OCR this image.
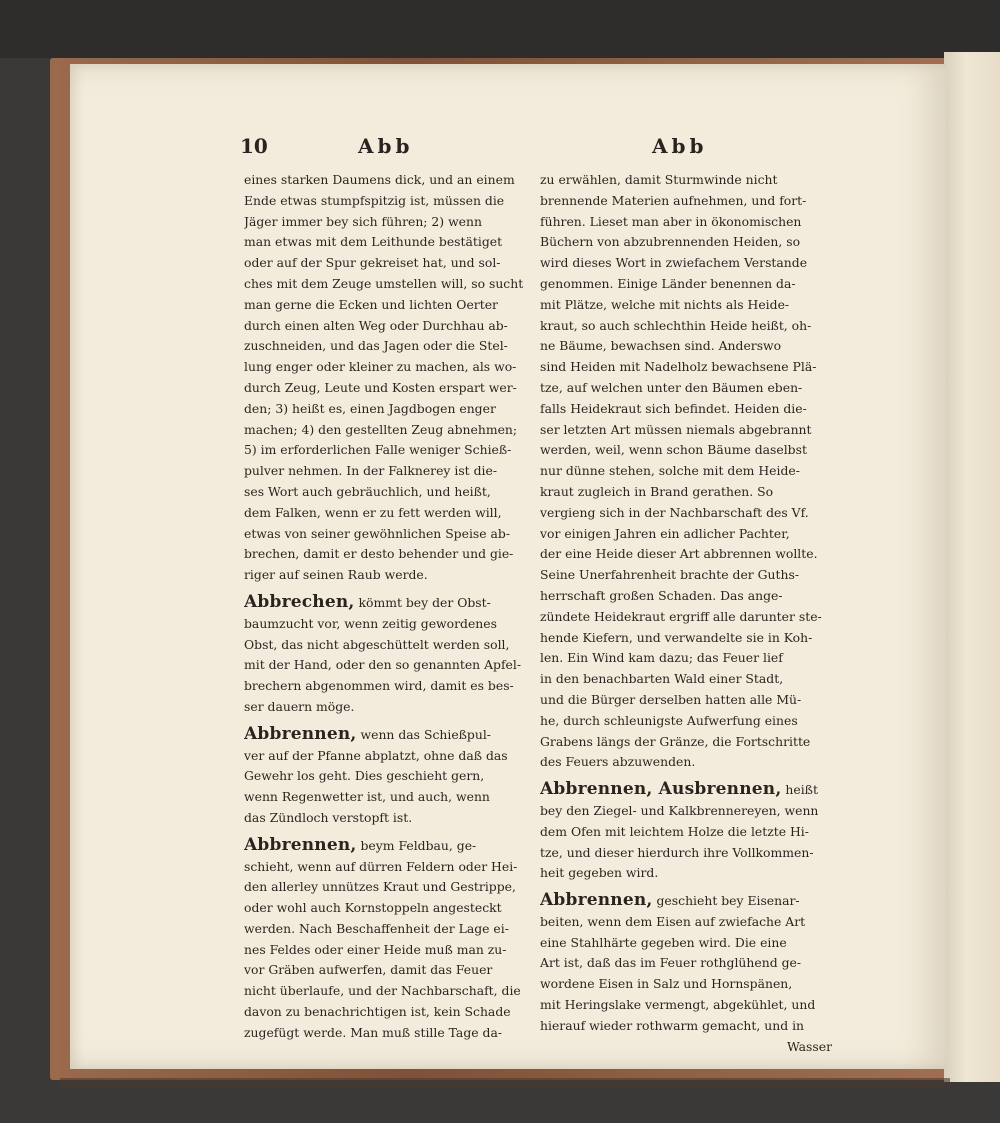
10	Abb	Abb

eines starken Daumens dick, und an einem
Ende etwas stumpfspitzig ist, müssen die
Jäger immer bey sich führen; 2) wenn
man etwas mit dem Leithunde bestätiget
oder auf der Spur gekreiset hat, und sol-
ches mit dem Zeuge umstellen will, so sucht
man gerne die Ecken und lichten Oerter
durch einen alten Weg oder Durchhau ab-
zuschneiden, und das Jagen oder die Stel-
lung enger oder kleiner zu machen, als wo-
durch Zeug, Leute und Kosten erspart wer-
den; 3) heißt es, einen Jagdbogen enger
machen; 4) den gestellten Zeug abnehmen;
5) im erforderlichen Falle weniger Schieß-
pulver nehmen. In der Falknerey ist die-
ses Wort auch gebräuchlich, und heißt,
dem Falken, wenn er zu fett werden will,
etwas von seiner gewöhnlichen Speise ab-
brechen, damit er desto behender und gie-
riger auf seinen Raub werde.

Abbrechen, kömmt bey der Obst-
baumzucht vor, wenn zeitig gewordenes
Obst, das nicht abgeschüttelt werden soll,
mit der Hand, oder den so genannten Apfel-
brechern abgenommen wird, damit es bes-
ser dauern möge.

Abbrennen, wenn das Schießpul-
ver auf der Pfanne abplatzt, ohne daß das
Gewehr los geht. Dies geschieht gern,
wenn Regenwetter ist, und auch, wenn
das Zündloch verstopft ist.

Abbrennen, beym Feldbau, ge-
schieht, wenn auf dürren Feldern oder Hei-
den allerley unnützes Kraut und Gestrippe,
oder wohl auch Kornstoppeln angesteckt
werden. Nach Beschaffenheit der Lage ei-
nes Feldes oder einer Heide muß man zu-
vor Gräben aufwerfen, damit das Feuer
nicht überlaufe, und der Nachbarschaft, die
davon zu benachrichtigen ist, kein Schade
zugefügt werde. Man muß stille Tage da-

zu erwählen, damit Sturmwinde nicht
brennende Materien aufnehmen, und fort-
führen. Lieset man aber in ökonomischen
Büchern von abzubrennenden Heiden, so
wird dieses Wort in zwiefachem Verstande
genommen. Einige Länder benennen da-
mit Plätze, welche mit nichts als Heide-
kraut, so auch schlechthin Heide heißt, oh-
ne Bäume, bewachsen sind. Anderswo
sind Heiden mit Nadelholz bewachsene Plä-
tze, auf welchen unter den Bäumen eben-
falls Heidekraut sich befindet. Heiden die-
ser letzten Art müssen niemals abgebrannt
werden, weil, wenn schon Bäume daselbst
nur dünne stehen, solche mit dem Heide-
kraut zugleich in Brand gerathen. So
vergieng sich in der Nachbarschaft des Vf.
vor einigen Jahren ein adlicher Pachter,
der eine Heide dieser Art abbrennen wollte.
Seine Unerfahrenheit brachte der Guths-
herrschaft großen Schaden. Das ange-
zündete Heidekraut ergriff alle darunter ste-
hende Kiefern, und verwandelte sie in Koh-
len. Ein Wind kam dazu; das Feuer lief
in den benachbarten Wald einer Stadt,
und die Bürger derselben hatten alle Mü-
he, durch schleunigste Aufwerfung eines
Grabens längs der Gränze, die Fortschritte
des Feuers abzuwenden.

Abbrennen, Ausbrennen, heißt
bey den Ziegel- und Kalkbrennereyen, wenn
dem Ofen mit leichtem Holze die letzte Hi-
tze, und dieser hierdurch ihre Vollkommen-
heit gegeben wird.

Abbrennen, geschieht bey Eisenar-
beiten, wenn dem Eisen auf zwiefache Art
eine Stahlhärte gegeben wird. Die eine
Art ist, daß das im Feuer rothglühend ge-
wordene Eisen in Salz und Hornspänen,
mit Heringslake vermengt, abgekühlet, und
hierauf wieder rothwarm gemacht, und in

Wasser
